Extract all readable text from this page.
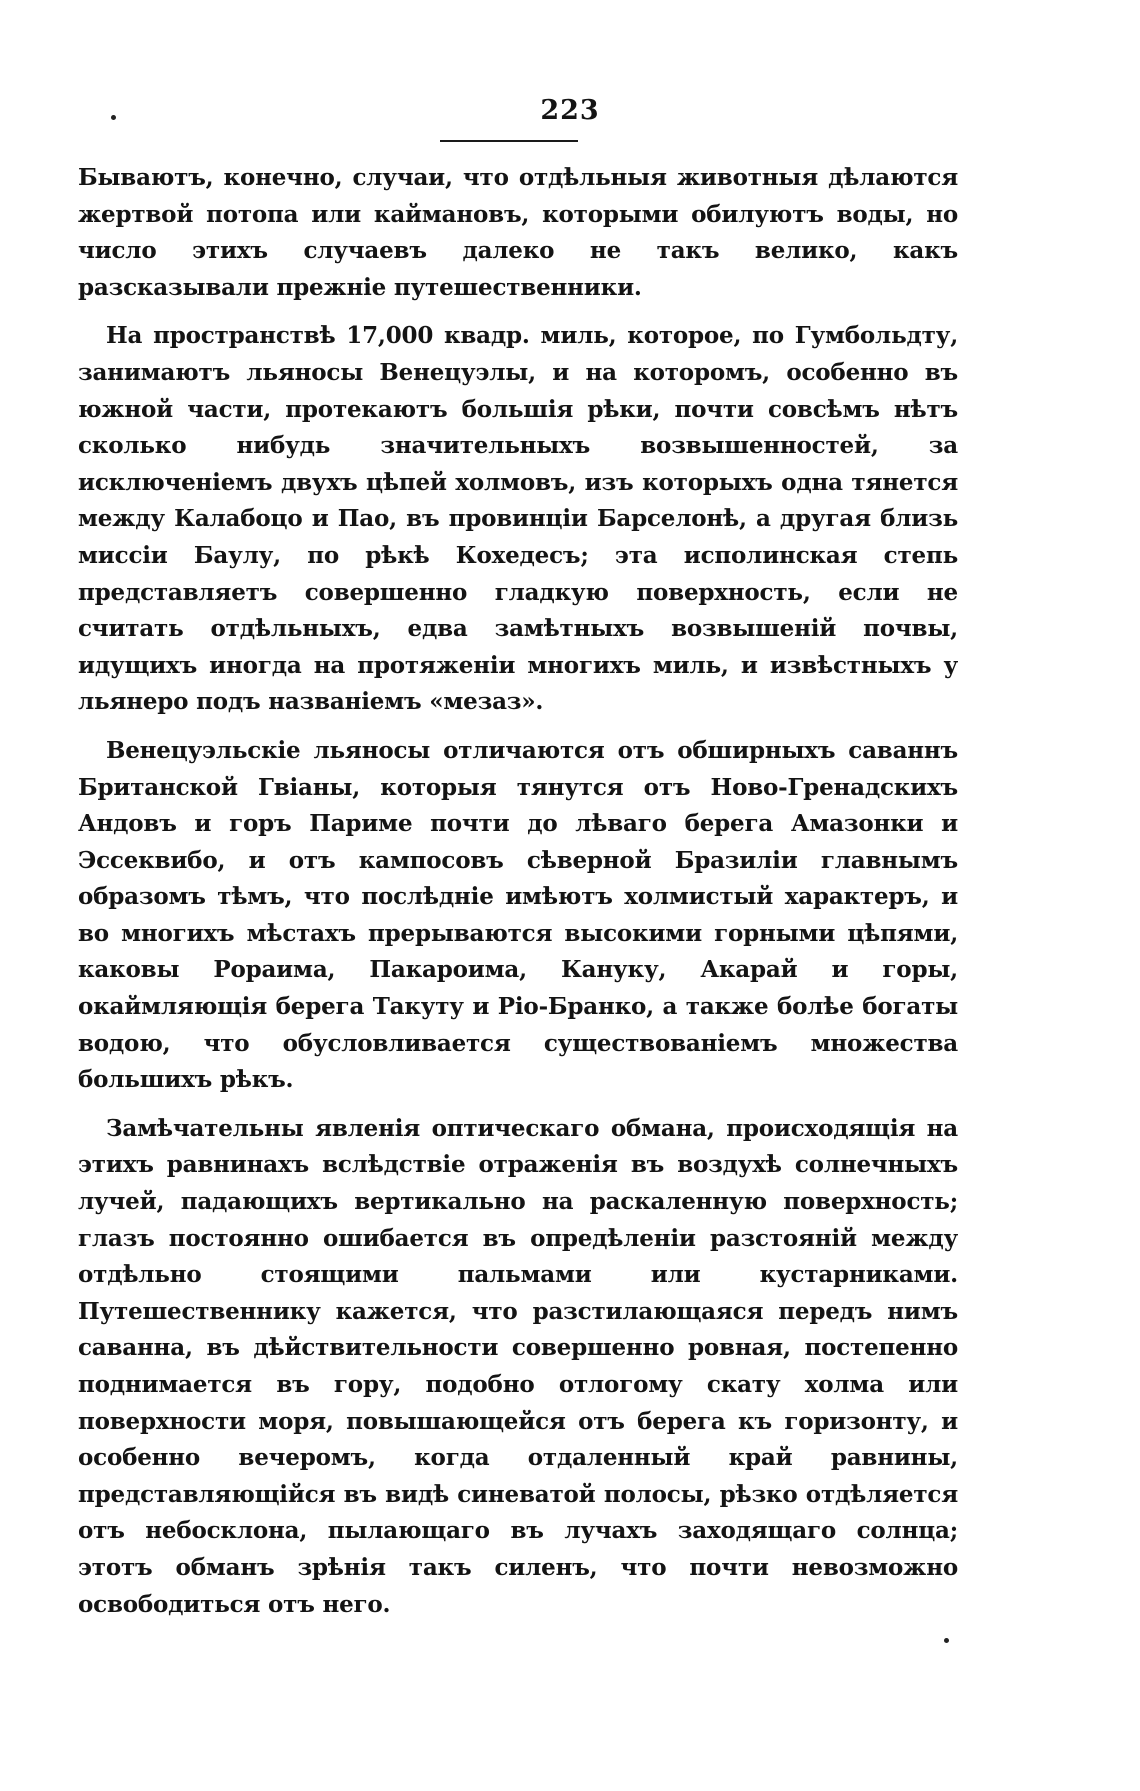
223

Бываютъ, конечно, случаи, что отдѣльныя животныя дѣлаются жертвой потопа или каймановъ, которыми обилуютъ воды, но число этихъ случаевъ далеко не такъ велико, какъ разсказывали прежніе путешественники.

На пространствѣ 17,000 квадр. миль, которое, по Гумбольдту, занимаютъ льяносы Венецуэлы, и на которомъ, особенно въ южной части, протекаютъ большія рѣки, почти совсѣмъ нѣтъ сколько нибудь значительныхъ возвышенностей, за исключеніемъ двухъ цѣпей холмовъ, изъ которыхъ одна тянется между Калабоцо и Пао, въ провинціи Барселонѣ, а другая близь миссіи Баулу, по рѣкѣ Кохедесъ; эта исполинская степь представляетъ совершенно гладкую поверхность, если не считать отдѣльныхъ, едва замѣтныхъ возвышеній почвы, идущихъ иногда на протяженіи многихъ миль, и извѣстныхъ у льянеро подъ названіемъ «мезаз».

Венецуэльскіе льяносы отличаются отъ обширныхъ саваннъ Британской Гвіаны, которыя тянутся отъ Ново-Гренадскихъ Андовъ и горъ Париме почти до лѣваго берега Амазонки и Эссеквибо, и отъ кампосовъ сѣверной Бразиліи главнымъ образомъ тѣмъ, что послѣдніе имѣютъ холмистый характеръ, и во многихъ мѣстахъ прерываются высокими горными цѣпями, каковы Рораима, Пакароима, Кануку, Акарай и горы, окаймляющія берега Такуту и Ріо-Бранко, а также болѣе богаты водою, что обусловливается существованіемъ множества большихъ рѣкъ.

Замѣчательны явленія оптическаго обмана, происходящія на этихъ равнинахъ вслѣдствіе отраженія въ воздухѣ солнечныхъ лучей, падающихъ вертикально на раскаленную поверхность; глазъ постоянно ошибается въ опредѣленіи разстояній между отдѣльно стоящими пальмами или кустарниками. Путешественнику кажется, что разстилающаяся передъ нимъ саванна, въ дѣйствительности совершенно ровная, постепенно поднимается въ гору, подобно отлогому скату холма или поверхности моря, повышающейся отъ берега къ горизонту, и особенно вечеромъ, когда отдаленный край равнины, представляющійся въ видѣ синеватой полосы, рѣзко отдѣляется отъ небосклона, пылающаго въ лучахъ заходящаго солнца; этотъ обманъ зрѣнія такъ силенъ, что почти невозможно освободиться отъ него.
